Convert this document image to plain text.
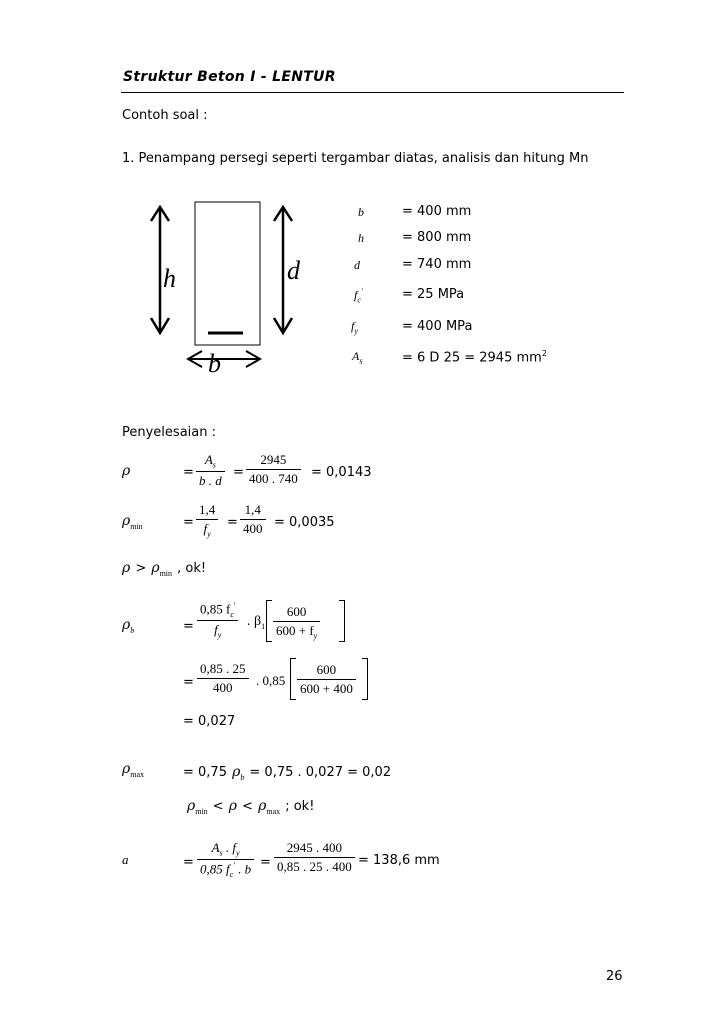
Struktur Beton I - LENTUR
Contoh soal :
1. Penampang persegi seperti tergambar diatas, analisis dan hitung Mn
h	d
b
b	= 400 mm
h	= 800 mm
d	= 740 mm
$f_c'$	= 25 MPa
$f_y$	= 400 MPa
$A_s$	= 6 D 25 = 2945 $mm^2$
Penyelesaian :
ρ	= $\frac{A_s}{b . d} = \frac{2945}{400 . 740} = 0,0143$
$\rho_{min}$	= $\frac{1,4}{f_y} = \frac{1,4}{400} = 0,0035$
$\rho > \rho_{min}$ , ok!
$\rho_b$	= $\frac{0,85 f_c'}{f_y}$ . $\beta_1 \frac{600}{600 + f_y}$
= $\frac{0,85 . 25}{400}$ . $0,85 \frac{600}{600 + 400}$
= 0,027
$\rho_{max}$	= 0,75 $\rho_b = 0,75$ . 0,027 = 0,02
$\rho_{min} < \rho < \rho_{max}$ ; ok!
a	= $\frac{A_s . f_y}{0,85 f_c' . b} = \frac{2945 . 400}{0,85 . 25 . 400} = 138,6$ mm
26
